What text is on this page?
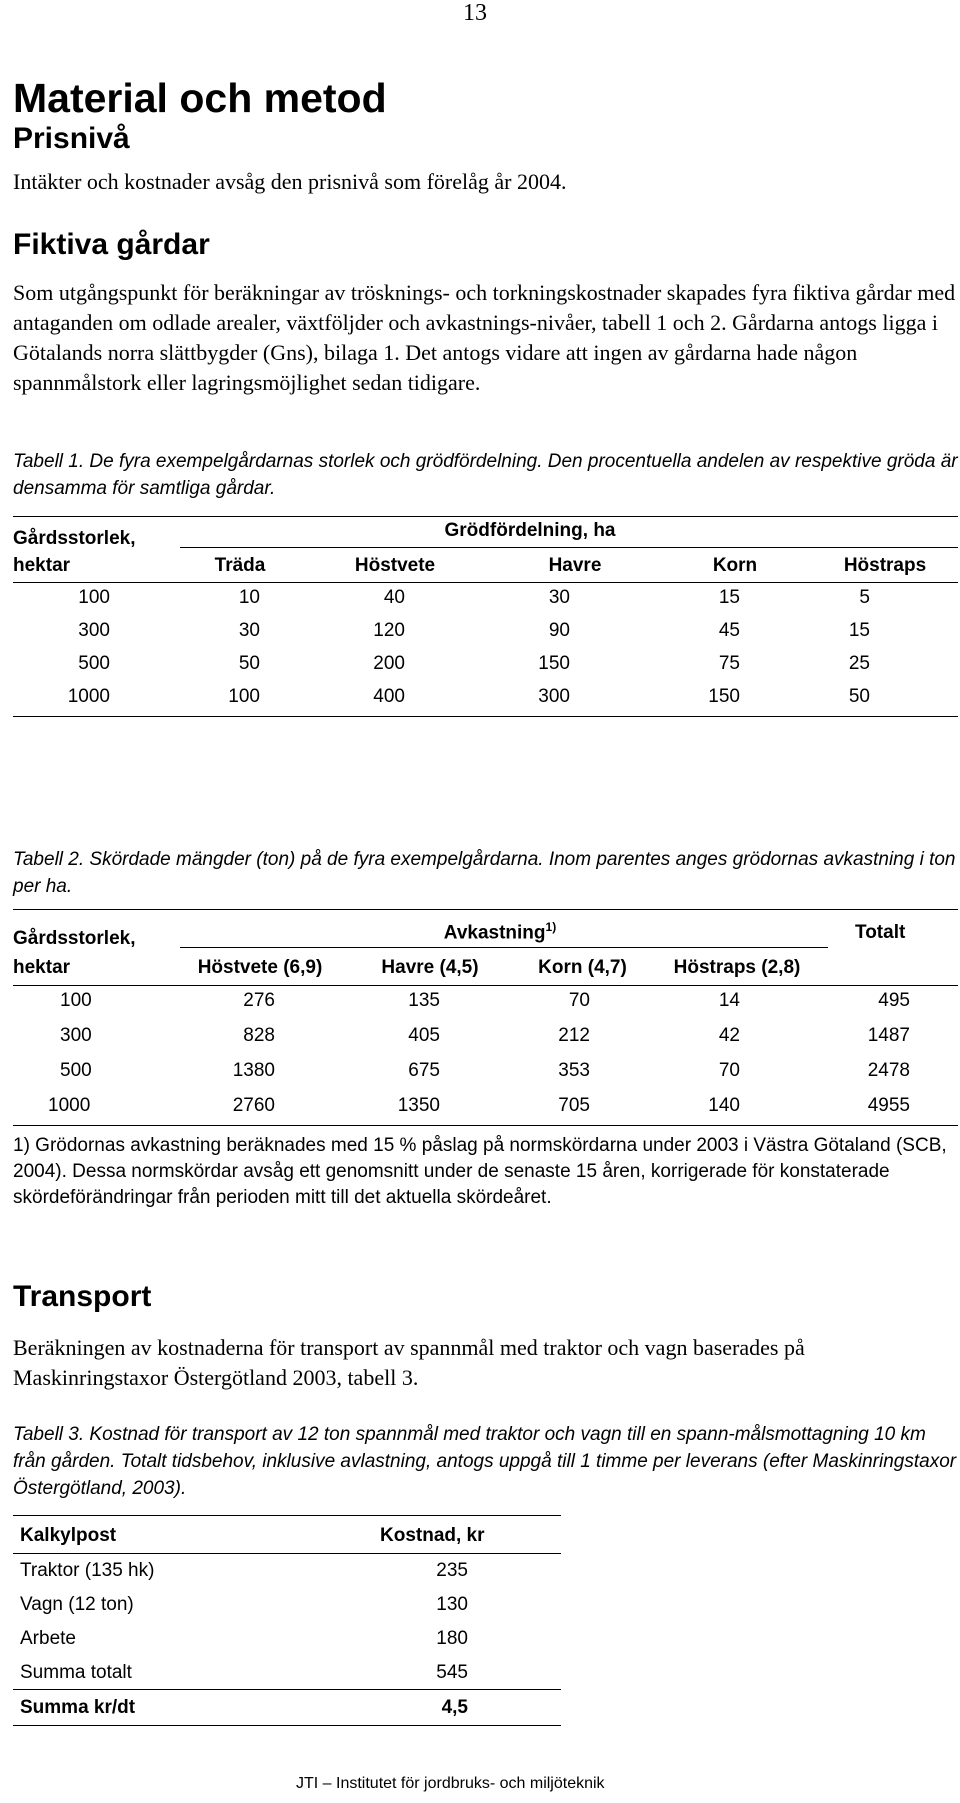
13
Material och metod
Prisnivå

Intäkter och kostnader avsåg den prisnivå som förelåg år 2004.

Fiktiva gårdar

Som utgångspunkt för beräkningar av trösknings- och torkningskostnader skapades fyra fiktiva gårdar med antaganden om odlade arealer, växtföljder och avkastnings-nivåer, tabell 1 och 2. Gårdarna antogs ligga i Götalands norra slättbygder (Gns), bilaga 1. Det antogs vidare att ingen av gårdarna hade någon spannmålstork eller lagringsmöjlighet sedan tidigare.

Tabell 1. De fyra exempelgårdarnas storlek och grödfördelning. Den procentuella andelen av respektive gröda är densamma för samtliga gårdar.

Gårdsstorlek,
hektar
Grödfördelning, ha
Träda	Höstvete	Havre	Korn	Höstraps
100	10	40	30	15	5
300	30	120	90	45	15
500	50	200	150	75	25
1000	100	400	300	150	50

Tabell 2. Skördade mängder (ton) på de fyra exempelgårdarna. Inom parentes anges grödornas avkastning i ton per ha.

Gårdsstorlek,
hektar
Avkastning$^{1)}$	Totalt
Höstvete (6,9)	Havre (4,5)	Korn (4,7)	Höstraps (2,8)
100	276	135	70	14	495
300	828	405	212	42	1487
500	1380	675	353	70	2478
1000	2760	1350	705	140	4955

1) Grödornas avkastning beräknades med 15 % påslag på normskördarna under 2003 i Västra Götaland (SCB, 2004). Dessa normskördar avsåg ett genomsnitt under de senaste 15 åren, korrigerade för konstaterade skördeförändringar från perioden mitt till det aktuella skördeåret.

Transport

Beräkningen av kostnaderna för transport av spannmål med traktor och vagn baserades på Maskinringstaxor Östergötland 2003, tabell 3.

Tabell 3. Kostnad för transport av 12 ton spannmål med traktor och vagn till en spann-målsmottagning 10 km från gården. Totalt tidsbehov, inklusive avlastning, antogs uppgå till 1 timme per leverans (efter Maskinringstaxor Östergötland, 2003).

Kalkylpost	Kostnad, kr
Traktor (135 hk)	235
Vagn (12 ton)	130
Arbete	180
Summa totalt	545
Summa kr/dt	4,5
JTI – Institutet för jordbruks- och miljöteknik
